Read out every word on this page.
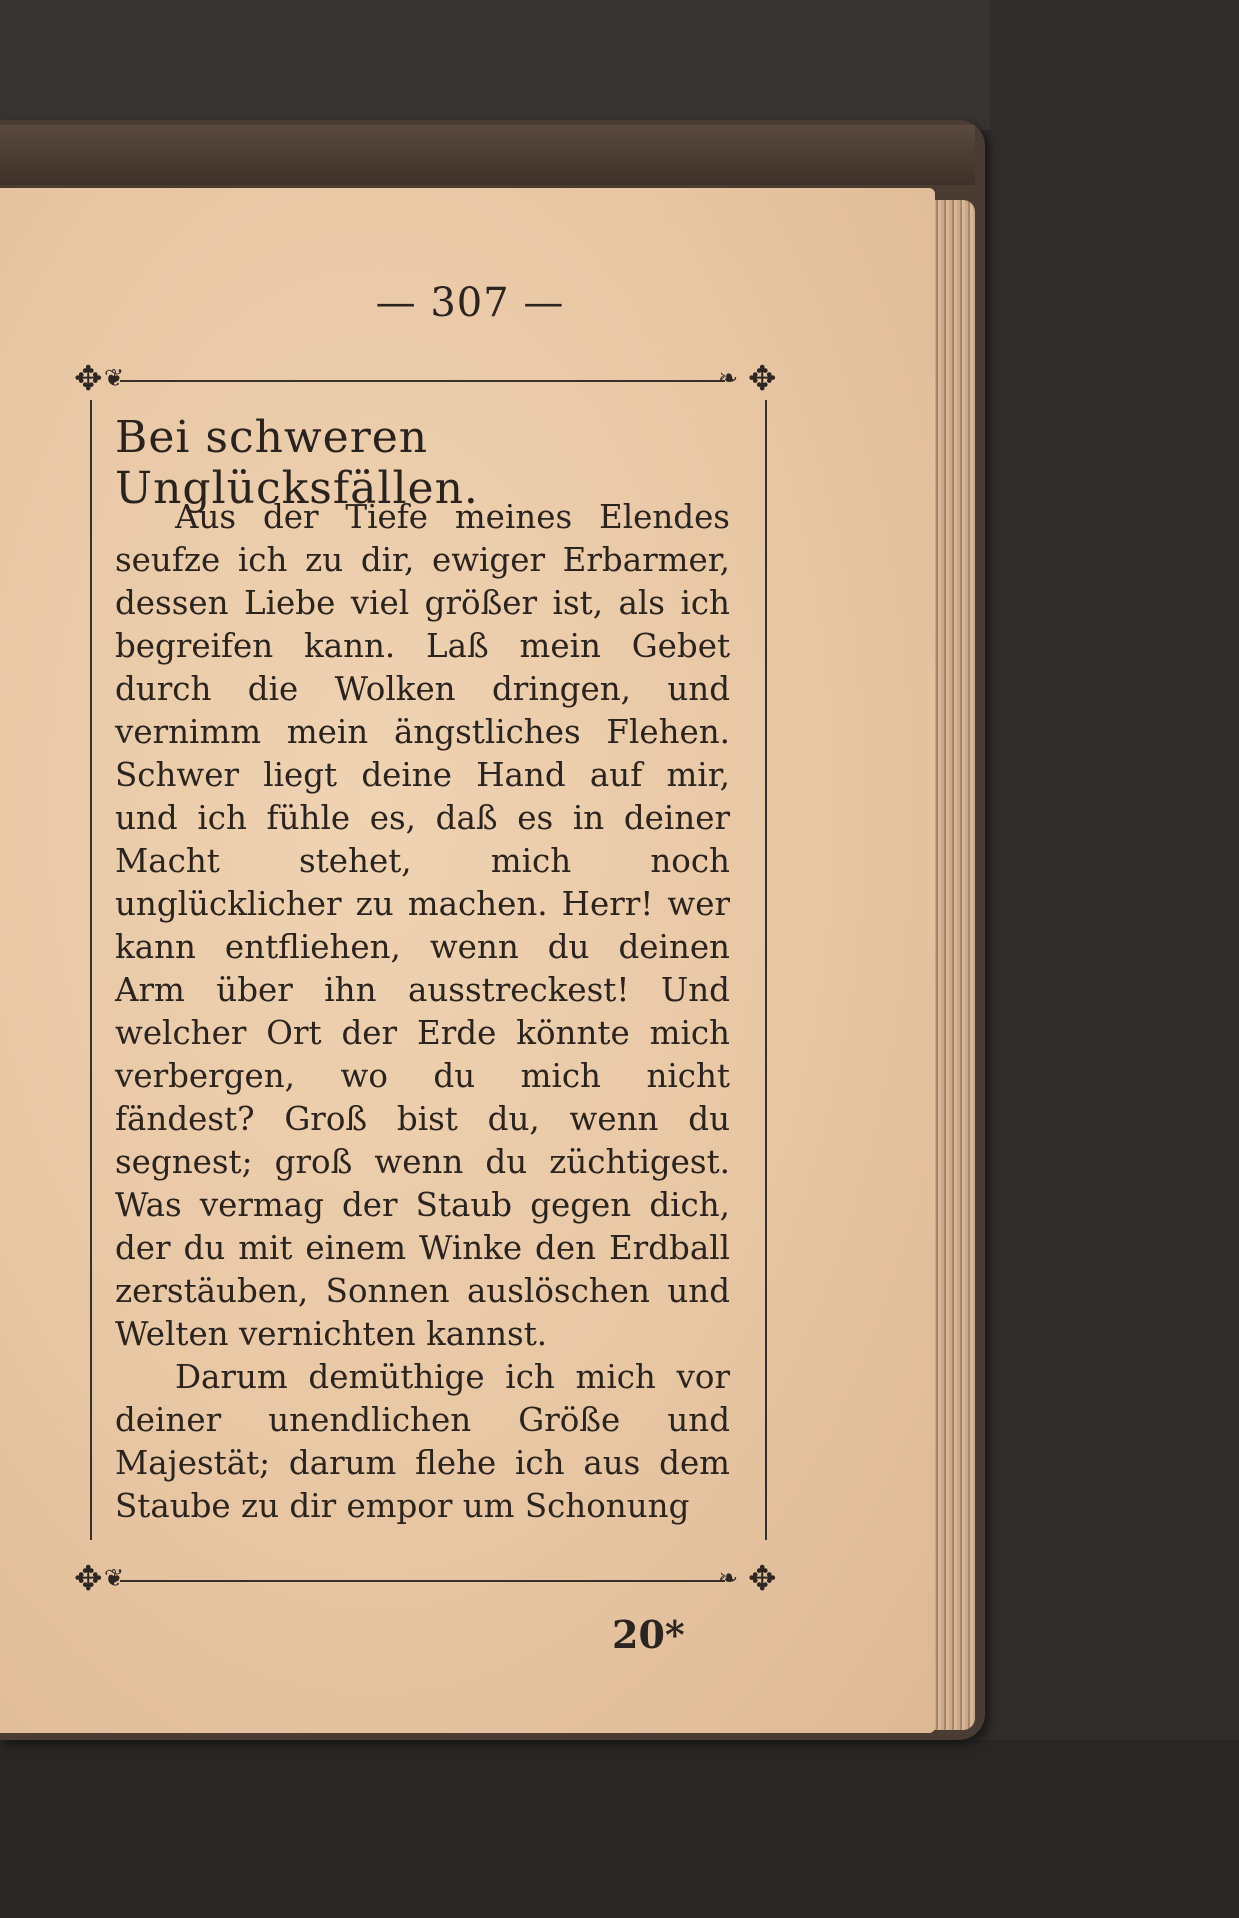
— 307 —
✥	✥
✥	✥
❦	❧
❦	❧
Bei schweren Unglücksfällen.

Aus der Tiefe meines Elendes seufze ich zu dir, ewiger Erbarmer, dessen Liebe viel größer ist, als ich begreifen kann. Laß mein Gebet durch die Wolken dringen, und vernimm mein ängstliches Flehen. Schwer liegt deine Hand auf mir, und ich fühle es, daß es in deiner Macht stehet, mich noch unglücklicher zu machen. Herr! wer kann entfliehen, wenn du deinen Arm über ihn ausstreckest! Und welcher Ort der Erde könnte mich verbergen, wo du mich nicht fändest? Groß bist du, wenn du segnest; groß wenn du züchtigest. Was vermag der Staub gegen dich, der du mit einem Winke den Erdball zerstäuben, Sonnen auslöschen und Welten vernichten kannst.

Darum demüthige ich mich vor deiner unendlichen Größe und Majestät; darum flehe ich aus dem Staube zu dir empor um Schonung

20*
